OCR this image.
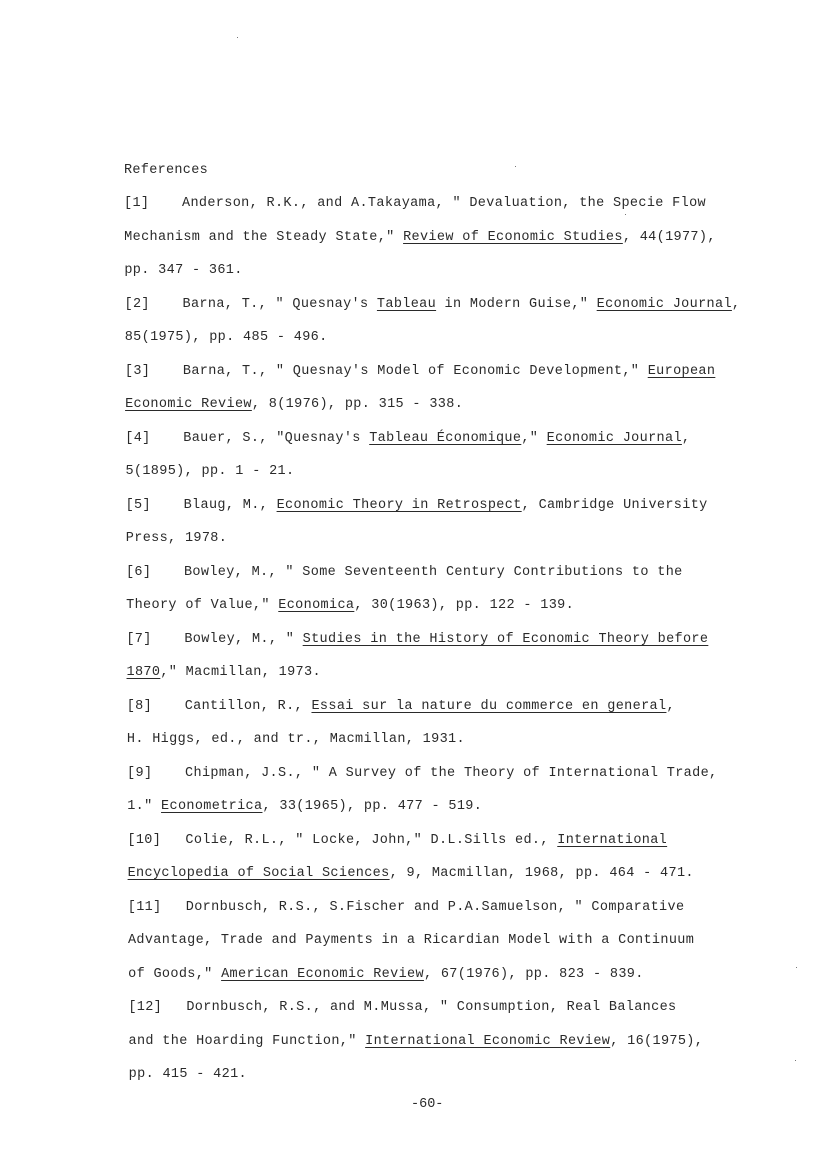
References
[1] Anderson, R.K., and A.Takayama, " Devaluation, the Specie Flow
Mechanism and the Steady State," Review of Economic Studies, 44(1977),
pp. 347 - 361.
[2] Barna, T., " Quesnay's Tableau in Modern Guise," Economic Journal,
85(1975), pp. 485 - 496.
[3] Barna, T., " Quesnay's Model of Economic Development," European
Economic Review, 8(1976), pp. 315 - 338.
[4] Bauer, S., "Quesnay's Tableau Économique," Economic Journal,
5(1895), pp. 1 - 21.
[5] Blaug, M., Economic Theory in Retrospect, Cambridge University
Press, 1978.
[6] Bowley, M., " Some Seventeenth Century Contributions to the
Theory of Value," Economica, 30(1963), pp. 122 - 139.
[7] Bowley, M., " Studies in the History of Economic Theory before
1870," Macmillan, 1973.
[8] Cantillon, R., Essai sur la nature du commerce en general,
H. Higgs, ed., and tr., Macmillan, 1931.
[9] Chipman, J.S., " A Survey of the Theory of International Trade,
1." Econometrica, 33(1965), pp. 477 - 519.
[10] Colie, R.L., " Locke, John," D.L.Sills ed., International
Encyclopedia of Social Sciences, 9, Macmillan, 1968, pp. 464 - 471.
[11] Dornbusch, R.S., S.Fischer and P.A.Samuelson, " Comparative
Advantage, Trade and Payments in a Ricardian Model with a Continuum
of Goods," American Economic Review, 67(1976), pp. 823 - 839.
[12] Dornbusch, R.S., and M.Mussa, " Consumption, Real Balances
and the Hoarding Function," International Economic Review, 16(1975),
pp. 415 - 421.
-60-
